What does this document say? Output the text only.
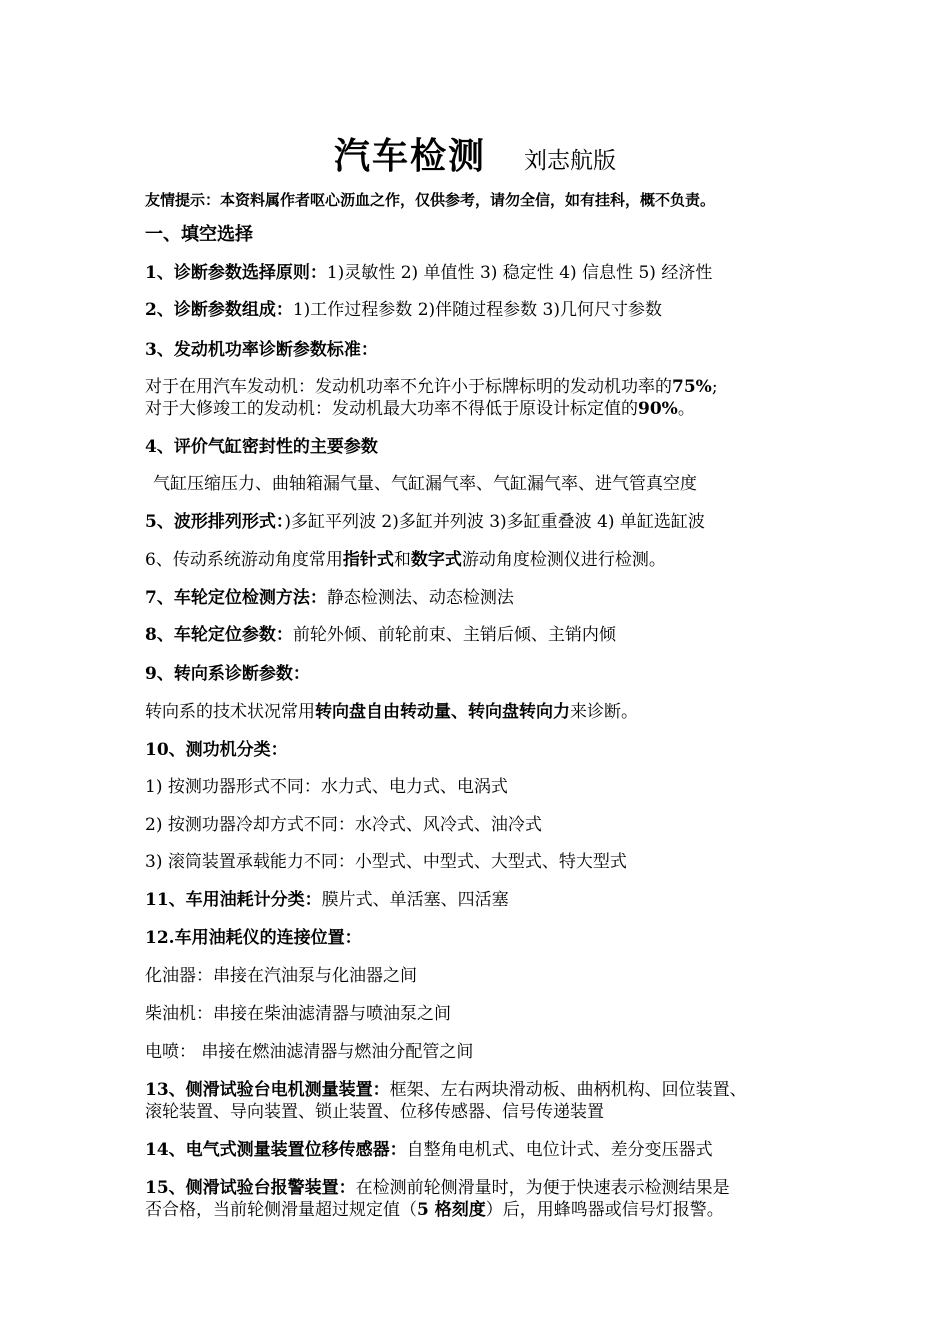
汽车检测 刘志航版
友情提示：本资料属作者呕心沥血之作，仅供参考，请勿全信，如有挂科，概不负责。
一、填空选择
1、诊断参数选择原则：1)灵敏性 2) 单值性 3) 稳定性 4) 信息性 5) 经济性
2、诊断参数组成：1)工作过程参数 2)伴随过程参数 3)几何尺寸参数
3、发动机功率诊断参数标准：
对于在用汽车发动机：发动机功率不允许小于标牌标明的发动机功率的75%;
对于大修竣工的发动机：发动机最大功率不得低于原设计标定值的90%。
4、评价气缸密封性的主要参数
气缸压缩压力、曲轴箱漏气量、气缸漏气率、气缸漏气率、进气管真空度
5、波形排列形式：)多缸平列波 2)多缸并列波 3)多缸重叠波 4) 单缸选缸波
6、传动系统游动角度常用指针式和数字式游动角度检测仪进行检测。
7、车轮定位检测方法：静态检测法、动态检测法
8、车轮定位参数：前轮外倾、前轮前束、主销后倾、主销内倾
9、转向系诊断参数：
转向系的技术状况常用转向盘自由转动量、转向盘转向力来诊断。
10、测功机分类：
1) 按测功器形式不同：水力式、电力式、电涡式
2) 按测功器冷却方式不同：水冷式、风冷式、油冷式
3) 滚筒装置承载能力不同：小型式、中型式、大型式、特大型式
11、车用油耗计分类：膜片式、单活塞、四活塞
12.车用油耗仪的连接位置：
化油器：串接在汽油泵与化油器之间
柴油机：串接在柴油滤清器与喷油泵之间
电喷： 串接在燃油滤清器与燃油分配管之间
13、侧滑试验台电机测量装置：框架、左右两块滑动板、曲柄机构、回位装置、
滚轮装置、导向装置、锁止装置、位移传感器、信号传递装置
14、电气式测量装置位移传感器：自整角电机式、电位计式、差分变压器式
15、侧滑试验台报警装置：在检测前轮侧滑量时，为便于快速表示检测结果是
否合格，当前轮侧滑量超过规定值（5 格刻度）后，用蜂鸣器或信号灯报警。
